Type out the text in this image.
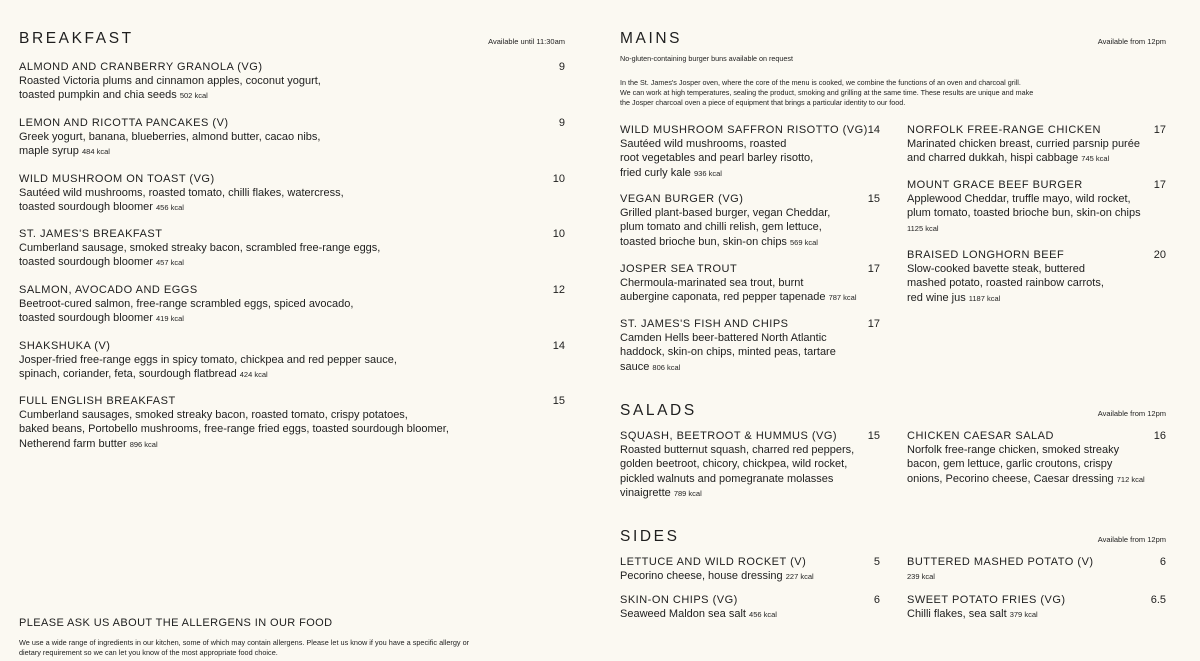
BREAKFAST	Available until 11:30am
ALMOND AND CRANBERRY GRANOLA (VG)	9
Roasted Victoria plums and cinnamon apples, coconut yogurt,
toasted pumpkin and chia seeds 502 kcal
LEMON AND RICOTTA PANCAKES (V)	9
Greek yogurt, banana, blueberries, almond butter, cacao nibs,
maple syrup 484 kcal
WILD MUSHROOM ON TOAST (VG)	10
Sautéed wild mushrooms, roasted tomato, chilli flakes, watercress,
toasted sourdough bloomer 456 kcal
ST. JAMES'S BREAKFAST	10
Cumberland sausage, smoked streaky bacon, scrambled free-range eggs,
toasted sourdough bloomer 457 kcal
SALMON, AVOCADO AND EGGS	12
Beetroot-cured salmon, free-range scrambled eggs, spiced avocado,
toasted sourdough bloomer 419 kcal
SHAKSHUKA (V)	14
Josper-fried free-range eggs in spicy tomato, chickpea and red pepper sauce,
spinach, coriander, feta, sourdough flatbread 424 kcal
FULL ENGLISH BREAKFAST	15
Cumberland sausages, smoked streaky bacon, roasted tomato, crispy potatoes,
baked beans, Portobello mushrooms, free-range fried eggs, toasted sourdough bloomer,
Netherend farm butter 896 kcal
PLEASE ASK US ABOUT THE ALLERGENS IN OUR FOOD
We use a wide range of ingredients in our kitchen, some of which may contain allergens. Please let us know if you have a specific allergy or dietary requirement so we can let you know of the most appropriate food choice.
MAINS	Available from 12pm
No-gluten-containing burger buns available on request
In the St. James's Josper oven, where the core of the menu is cooked, we combine the functions of an oven and charcoal grill.
We can work at high temperatures, sealing the product, smoking and grilling at the same time. These results are unique and make
the Josper charcoal oven a piece of equipment that brings a particular identity to our food.
WILD MUSHROOM SAFFRON RISOTTO (VG) 14
Sautéed wild mushrooms, roasted
root vegetables and pearl barley risotto,
fried curly kale 936 kcal
VEGAN BURGER (VG)	15
Grilled plant-based burger, vegan Cheddar,
plum tomato and chilli relish, gem lettuce,
toasted brioche bun, skin-on chips 569 kcal
JOSPER SEA TROUT	17
Chermoula-marinated sea trout, burnt
aubergine caponata, red pepper tapenade 787 kcal
ST. JAMES'S FISH AND CHIPS	17
Camden Hells beer-battered North Atlantic
haddock, skin-on chips, minted peas, tartare
sauce 806 kcal
NORFOLK FREE-RANGE CHICKEN	17
Marinated chicken breast, curried parsnip purée
and charred dukkah, hispi cabbage 745 kcal
MOUNT GRACE BEEF BURGER	17
Applewood Cheddar, truffle mayo, wild rocket,
plum tomato, toasted brioche bun, skin-on chips
1125 kcal
BRAISED LONGHORN BEEF	20
Slow-cooked bavette steak, buttered
mashed potato, roasted rainbow carrots,
red wine jus 1187 kcal
SALADS	Available from 12pm
SQUASH, BEETROOT & HUMMUS (VG)	15
Roasted butternut squash, charred red peppers,
golden beetroot, chicory, chickpea, wild rocket,
pickled walnuts and pomegranate molasses
vinaigrette 789 kcal
CHICKEN CAESAR SALAD	16
Norfolk free-range chicken, smoked streaky
bacon, gem lettuce, garlic croutons, crispy
onions, Pecorino cheese, Caesar dressing 712 kcal
SIDES	Available from 12pm
LETTUCE AND WILD ROCKET (V)	5
Pecorino cheese, house dressing 227 kcal
SKIN-ON CHIPS (VG)	6
Seaweed Maldon sea salt 456 kcal
BUTTERED MASHED POTATO (V)	6
239 kcal
SWEET POTATO FRIES (VG)	6.5
Chilli flakes, sea salt 379 kcal
